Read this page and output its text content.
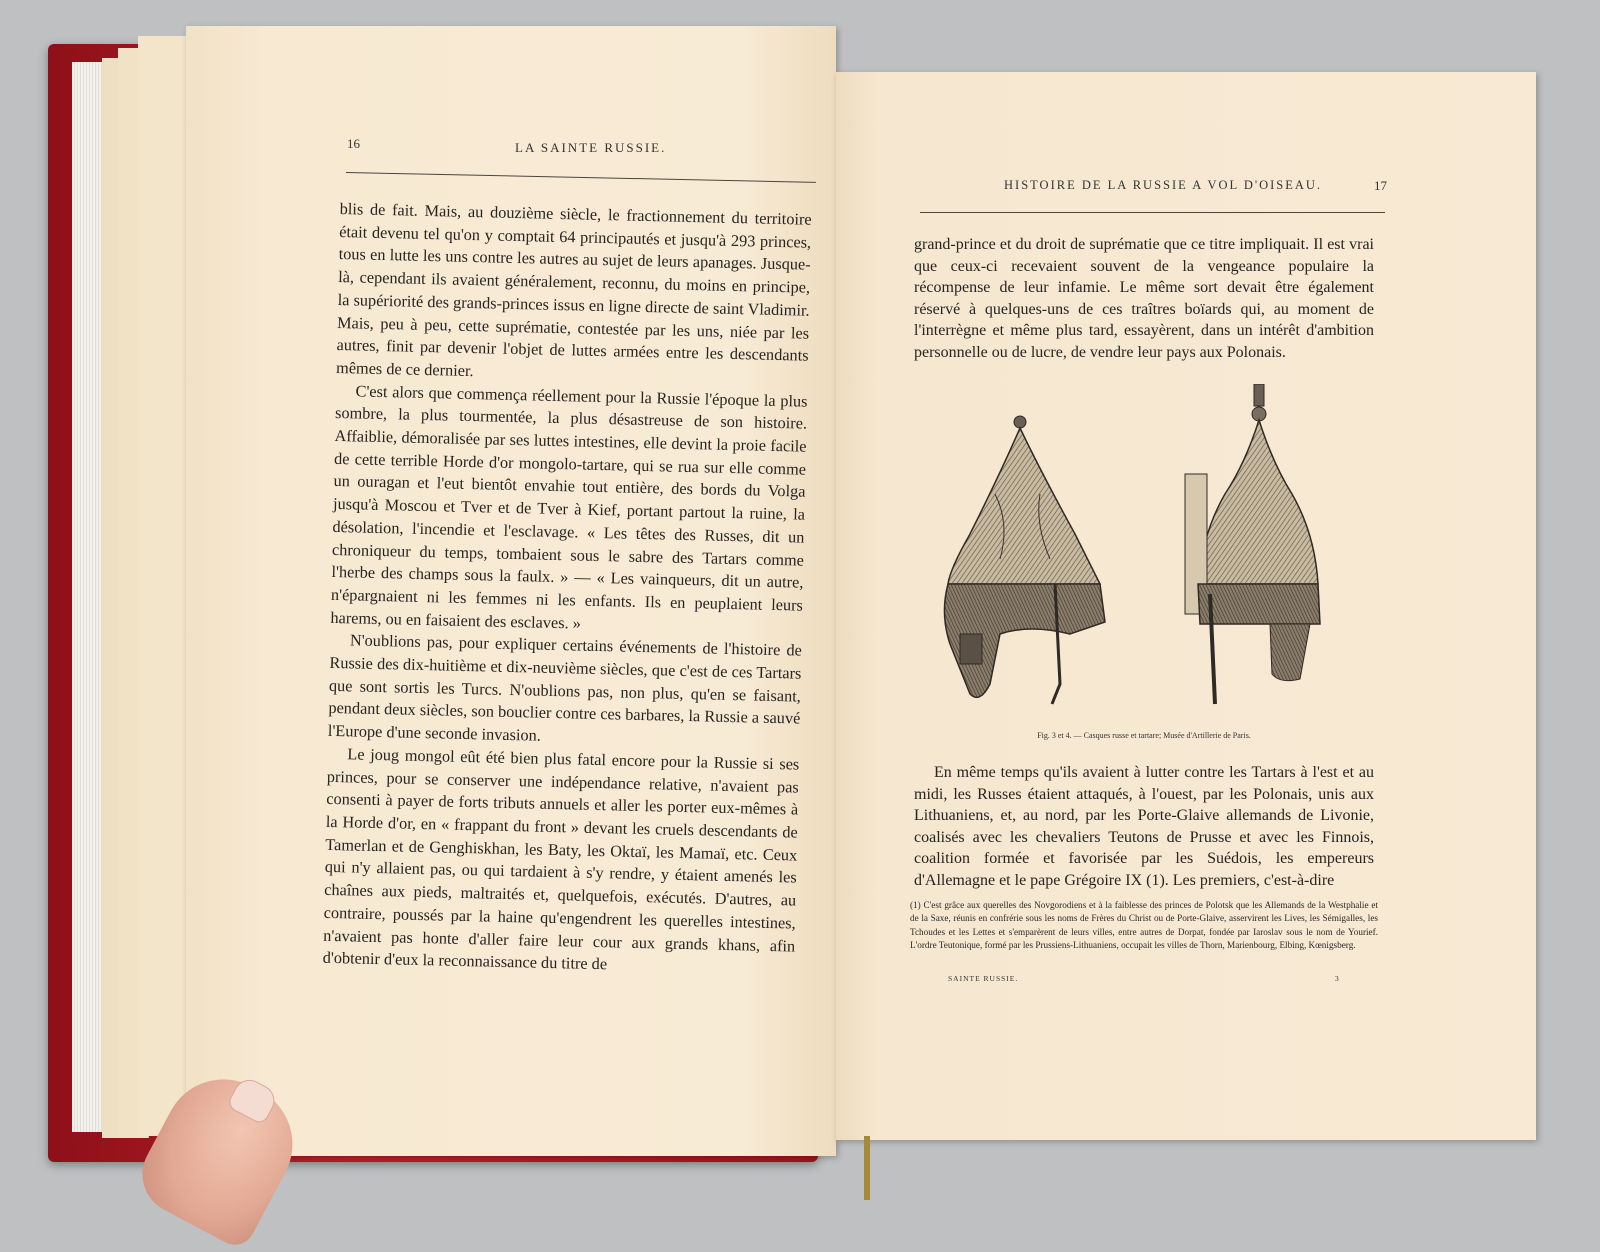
16	LA SAINTE RUSSIE.

blis de fait. Mais, au douzième siècle, le fractionnement du territoire était devenu tel qu'on y comptait 64 principautés et jusqu'à 293 princes, tous en lutte les uns contre les autres au sujet de leurs apanages. Jusque-là, cependant ils avaient généralement, reconnu, du moins en principe, la supériorité des grands-princes issus en ligne directe de saint Vladimir. Mais, peu à peu, cette suprématie, contestée par les uns, niée par les autres, finit par devenir l'objet de luttes armées entre les descendants mêmes de ce dernier.

C'est alors que commença réellement pour la Russie l'époque la plus sombre, la plus tourmentée, la plus désastreuse de son histoire. Affaiblie, démoralisée par ses luttes intestines, elle devint la proie facile de cette terrible Horde d'or mongolo-tartare, qui se rua sur elle comme un ouragan et l'eut bientôt envahie tout entière, des bords du Volga jusqu'à Moscou et Tver et de Tver à Kief, portant partout la ruine, la désolation, l'incendie et l'esclavage. « Les têtes des Russes, dit un chroniqueur du temps, tombaient sous le sabre des Tartars comme l'herbe des champs sous la faulx. » — « Les vainqueurs, dit un autre, n'épargnaient ni les femmes ni les enfants. Ils en peuplaient leurs harems, ou en faisaient des esclaves. »

N'oublions pas, pour expliquer certains événements de l'histoire de Russie des dix-huitième et dix-neuvième siècles, que c'est de ces Tartars que sont sortis les Turcs. N'oublions pas, non plus, qu'en se faisant, pendant deux siècles, son bouclier contre ces barbares, la Russie a sauvé l'Europe d'une seconde invasion.

Le joug mongol eût été bien plus fatal encore pour la Russie si ses princes, pour se conserver une indépendance relative, n'avaient pas consenti à payer de forts tributs annuels et aller les porter eux-mêmes à la Horde d'or, en « frappant du front » devant les cruels descendants de Tamerlan et de Genghiskhan, les Baty, les Oktaï, les Mamaï, etc. Ceux qui n'y allaient pas, ou qui tardaient à s'y rendre, y étaient amenés les chaînes aux pieds, maltraités et, quelquefois, exécutés. D'autres, au contraire, poussés par la haine qu'engendrent les querelles intestines, n'avaient pas honte d'aller faire leur cour aux grands khans, afin d'obtenir d'eux la reconnaissance du titre de

HISTOIRE DE LA RUSSIE A VOL D'OISEAU.	17

grand-prince et du droit de suprématie que ce titre impliquait. Il est vrai que ceux-ci recevaient souvent de la vengeance populaire la récompense de leur infamie. Le même sort devait être également réservé à quelques-uns de ces traîtres boïards qui, au moment de l'interrègne et même plus tard, essayèrent, dans un intérêt d'ambition personnelle ou de lucre, de vendre leur pays aux Polonais.

Fig. 3 et 4. — Casques russe et tartare; Musée d'Artillerie de Paris.

En même temps qu'ils avaient à lutter contre les Tartars à l'est et au midi, les Russes étaient attaqués, à l'ouest, par les Polonais, unis aux Lithuaniens, et, au nord, par les Porte-Glaive allemands de Livonie, coalisés avec les chevaliers Teutons de Prusse et avec les Finnois, coalition formée et favorisée par les Suédois, les empereurs d'Allemagne et le pape Grégoire IX (1). Les premiers, c'est-à-dire

(1) C'est grâce aux querelles des Novgorodiens et à la faiblesse des princes de Polotsk que les Allemands de la Westphalie et de la Saxe, réunis en confrérie sous les noms de Frères du Christ ou de Porte-Glaive, asservirent les Lives, les Sémigalles, les Tchoudes et les Lettes et s'emparèrent de leurs villes, entre autres de Dorpat, fondée par Iaroslav sous le nom de Yourief. L'ordre Teutonique, formé par les Prussiens-Lithuaniens, occupait les villes de Thorn, Marienbourg, Elbing, Kœnigsberg.
SAINTE RUSSIE.	3
